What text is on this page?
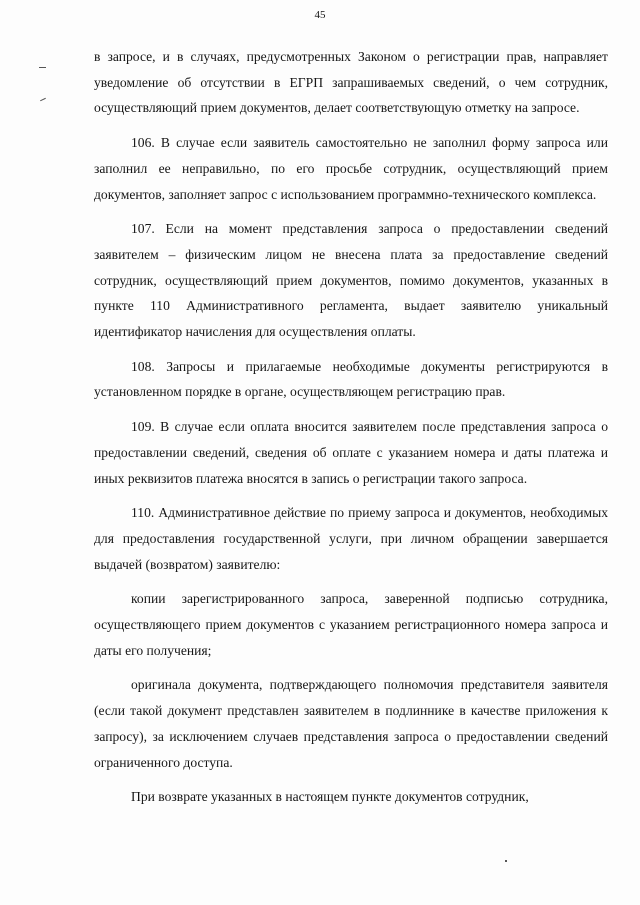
45

в запросе, и в случаях, предусмотренных Законом о регистрации прав, направляет уведомление об отсутствии в ЕГРП запрашиваемых сведений, о чем сотрудник, осуществляющий прием документов, делает соответствующую отметку на запросе.

106. В случае если заявитель самостоятельно не заполнил форму запроса или заполнил ее неправильно, по его просьбе сотрудник, осуществляющий прием документов, заполняет запрос с использованием программно-технического комплекса.

107. Если на момент представления запроса о предоставлении сведений заявителем – физическим лицом не внесена плата за предоставление сведений сотрудник, осуществляющий прием документов, помимо документов, указанных в пункте 110 Административного регламента, выдает заявителю уникальный идентификатор начисления для осуществления оплаты.

108. Запросы и прилагаемые необходимые документы регистрируются в установленном порядке в органе, осуществляющем регистрацию прав.

109. В случае если оплата вносится заявителем после представления запроса о предоставлении сведений, сведения об оплате с указанием номера и даты платежа и иных реквизитов платежа вносятся в запись о регистрации такого запроса.

110. Административное действие по приему запроса и документов, необходимых для предоставления государственной услуги, при личном обращении завершается выдачей (возвратом) заявителю:

копии зарегистрированного запроса, заверенной подписью сотрудника, осуществляющего прием документов с указанием регистрационного номера запроса и даты его получения;

оригинала документа, подтверждающего полномочия представителя заявителя (если такой документ представлен заявителем в подлиннике в качестве приложения к запросу), за исключением случаев представления запроса о предоставлении сведений ограниченного доступа.

При возврате указанных в настоящем пункте документов сотрудник,
